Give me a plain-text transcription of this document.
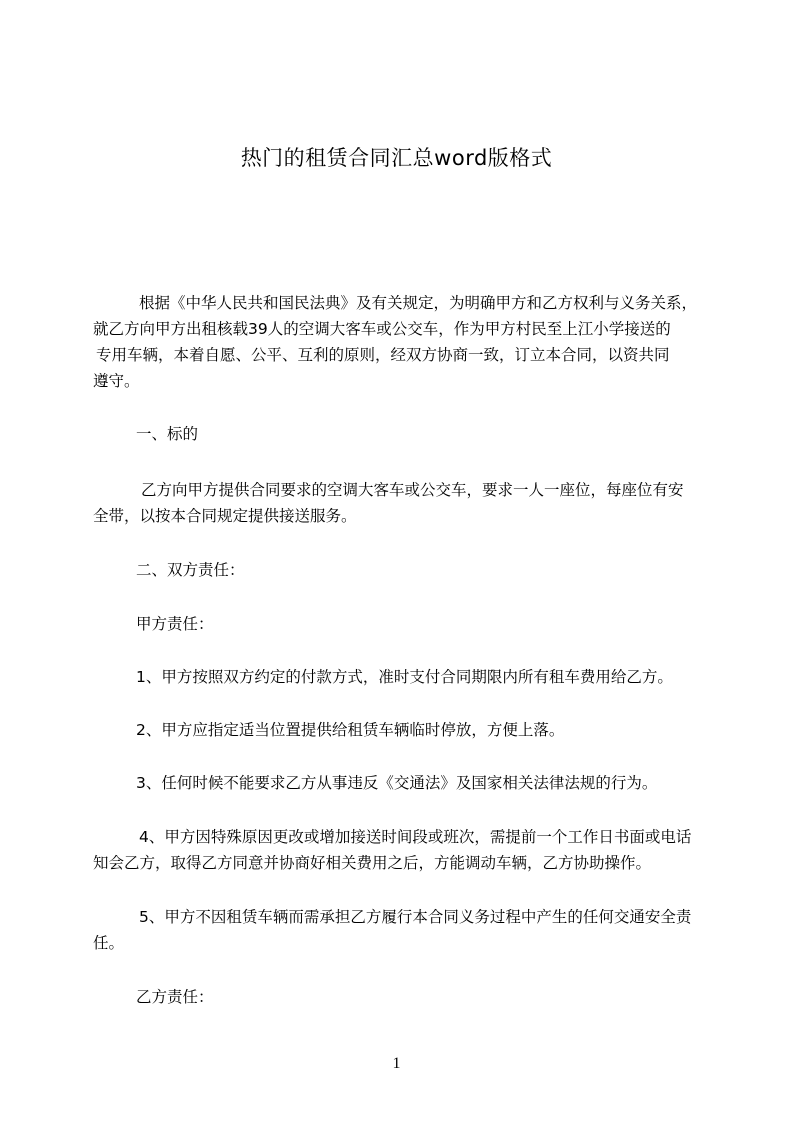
热门的租赁合同汇总word版格式

根据《中华人民共和国民法典》及有关规定，为明确甲方和乙方权利与义务关系，

就乙方向甲方出租核载39人的空调大客车或公交车，作为甲方村民至上江小学接送的

专用车辆，本着自愿、公平、互利的原则，经双方协商一致，订立本合同，以资共同

遵守。

一、标的

乙方向甲方提供合同要求的空调大客车或公交车，要求一人一座位，每座位有安

全带，以按本合同规定提供接送服务。

二、双方责任：

甲方责任：

1、甲方按照双方约定的付款方式，准时支付合同期限内所有租车费用给乙方。

2、甲方应指定适当位置提供给租赁车辆临时停放，方便上落。

3、任何时候不能要求乙方从事违反《交通法》及国家相关法律法规的行为。

4、甲方因特殊原因更改或增加接送时间段或班次，需提前一个工作日书面或电话

知会乙方，取得乙方同意并协商好相关费用之后，方能调动车辆，乙方协助操作。

5、甲方不因租赁车辆而需承担乙方履行本合同义务过程中产生的任何交通安全责

任。

乙方责任：

1
